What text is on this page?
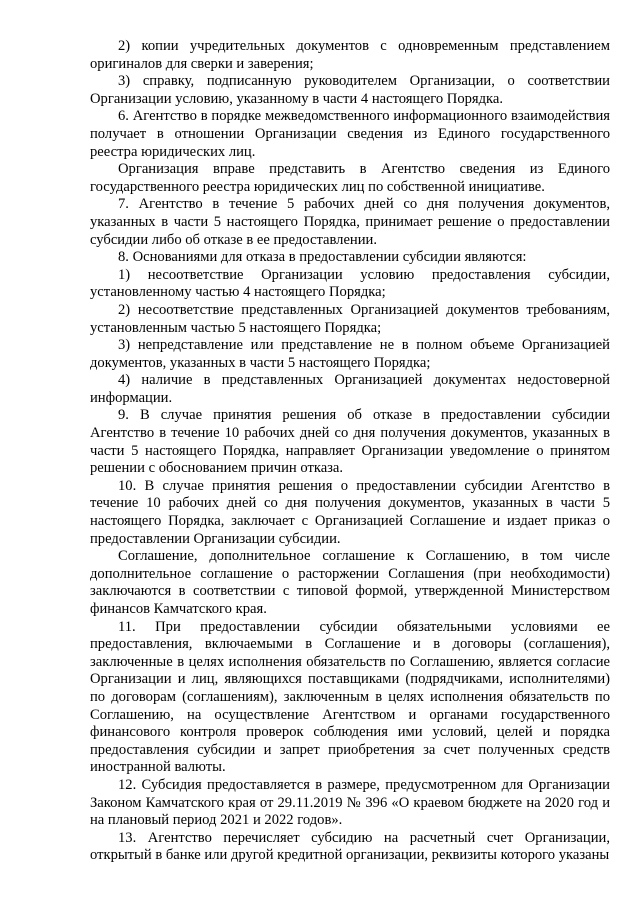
2) копии учредительных документов с одновременным представлением оригиналов для сверки и заверения;

3) справку, подписанную руководителем Организации, о соответствии Организации условию, указанному в части 4 настоящего Порядка.

6. Агентство в порядке межведомственного информационного взаимодействия получает в отношении Организации сведения из Единого государственного реестра юридических лиц.

Организация вправе представить в Агентство сведения из Единого государственного реестра юридических лиц по собственной инициативе.

7. Агентство в течение 5 рабочих дней со дня получения документов, указанных в части 5 настоящего Порядка, принимает решение о предоставлении субсидии либо об отказе в ее предоставлении.

8. Основаниями для отказа в предоставлении субсидии являются:

1) несоответствие Организации условию предоставления субсидии, установленному частью 4 настоящего Порядка;

2) несоответствие представленных Организацией документов требованиям, установленным частью 5 настоящего Порядка;

3) непредставление или представление не в полном объеме Организацией документов, указанных в части 5 настоящего Порядка;

4) наличие в представленных Организацией документах недостоверной информации.

9. В случае принятия решения об отказе в предоставлении субсидии Агентство в течение 10 рабочих дней со дня получения документов, указанных в части 5 настоящего Порядка, направляет Организации уведомление о принятом решении с обоснованием причин отказа.

10. В случае принятия решения о предоставлении субсидии Агентство в течение 10 рабочих дней со дня получения документов, указанных в части 5 настоящего Порядка, заключает с Организацией Соглашение и издает приказ о предоставлении Организации субсидии.

Соглашение, дополнительное соглашение к Соглашению, в том числе дополнительное соглашение о расторжении Соглашения (при необходимости) заключаются в соответствии с типовой формой, утвержденной Министерством финансов Камчатского края.

11. При предоставлении субсидии обязательными условиями ее предоставления, включаемыми в Соглашение и в договоры (соглашения), заключенные в целях исполнения обязательств по Соглашению, является согласие Организации и лиц, являющихся поставщиками (подрядчиками, исполнителями) по договорам (соглашениям), заключенным в целях исполнения обязательств по Соглашению, на осуществление Агентством и органами государственного финансового контроля проверок соблюдения ими условий, целей и порядка предоставления субсидии и запрет приобретения за счет полученных средств иностранной валюты.

12. Субсидия предоставляется в размере, предусмотренном для Организации Законом Камчатского края от 29.11.2019 № 396 «О краевом бюджете на 2020 год и на плановый период 2021 и 2022 годов».

13. Агентство перечисляет субсидию на расчетный счет Организации, открытый в банке или другой кредитной организации, реквизиты которого указаны
